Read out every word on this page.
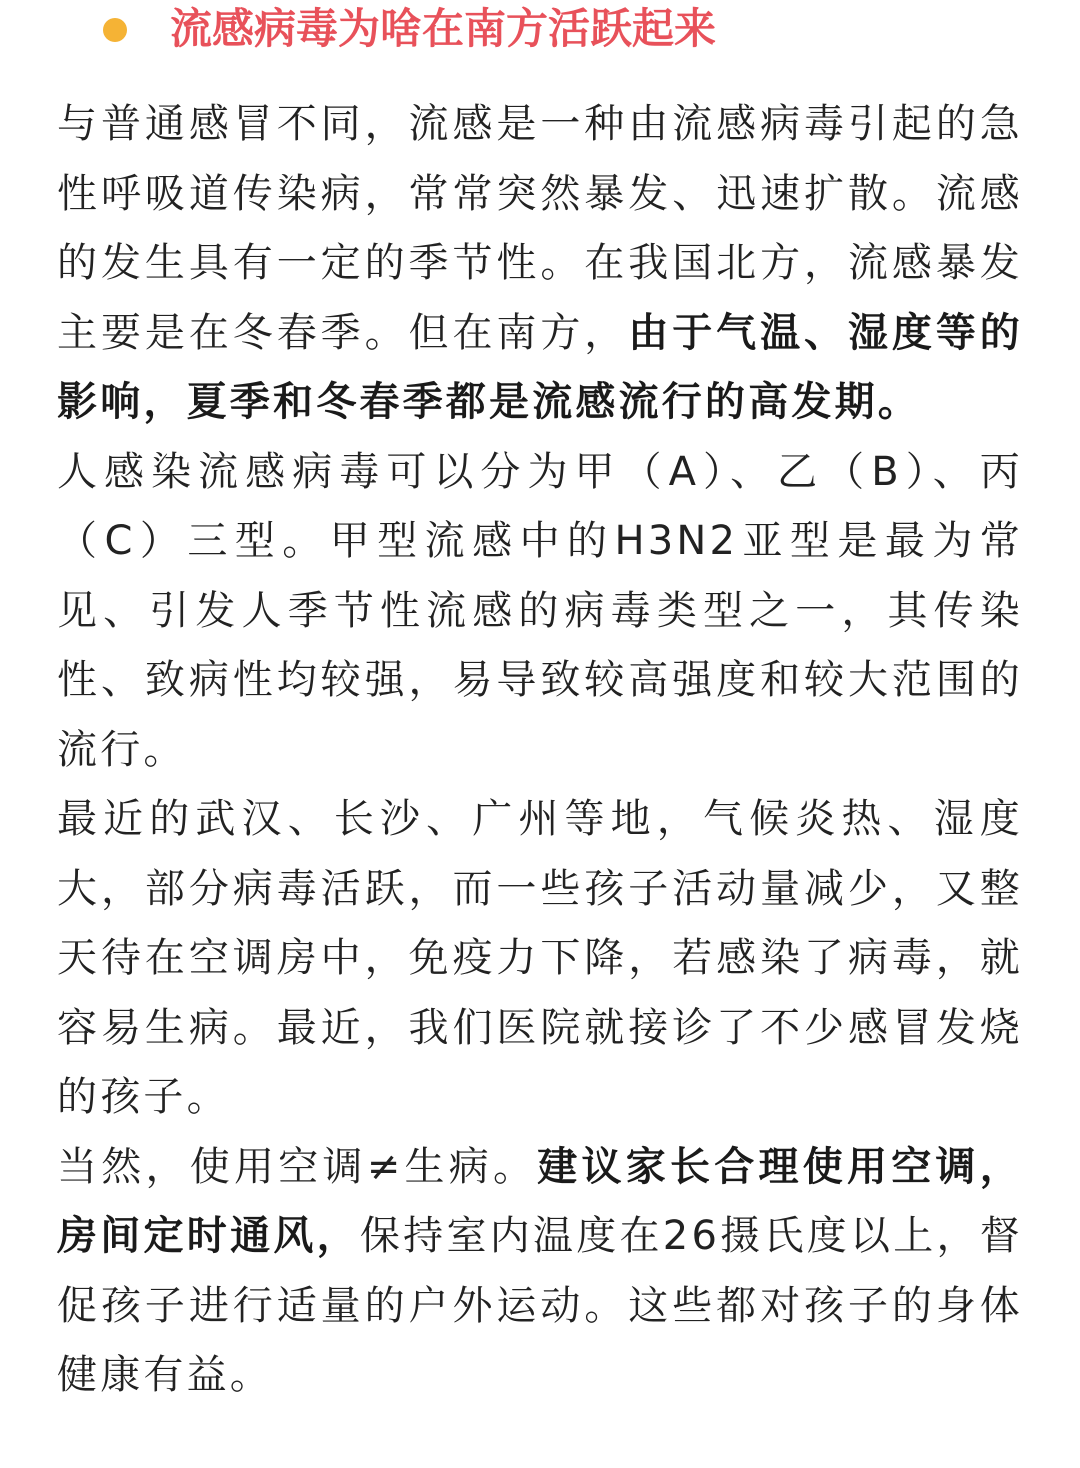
流感病毒为啥在南方活跃起来

与普通感冒不同，流感是一种由流感病毒引起的急性呼吸道传染病，常常突然暴发、迅速扩散。流感的发生具有一定的季节性。在我国北方，流感暴发主要是在冬春季。但在南方，由于气温、湿度等的影响，夏季和冬春季都是流感流行的高发期。

人感染流感病毒可以分为甲（A）、乙（B）、丙（C）三型。甲型流感中的H3N2亚型是最为常见、引发人季节性流感的病毒类型之一，其传染性、致病性均较强，易导致较高强度和较大范围的流行。

最近的武汉、长沙、广州等地，气候炎热、湿度大，部分病毒活跃，而一些孩子活动量减少，又整天待在空调房中，免疫力下降，若感染了病毒，就容易生病。最近，我们医院就接诊了不少感冒发烧的孩子。

当然，使用空调≠生病。建议家长合理使用空调，房间定时通风，保持室内温度在26摄氏度以上，督促孩子进行适量的户外运动。这些都对孩子的身体健康有益。
